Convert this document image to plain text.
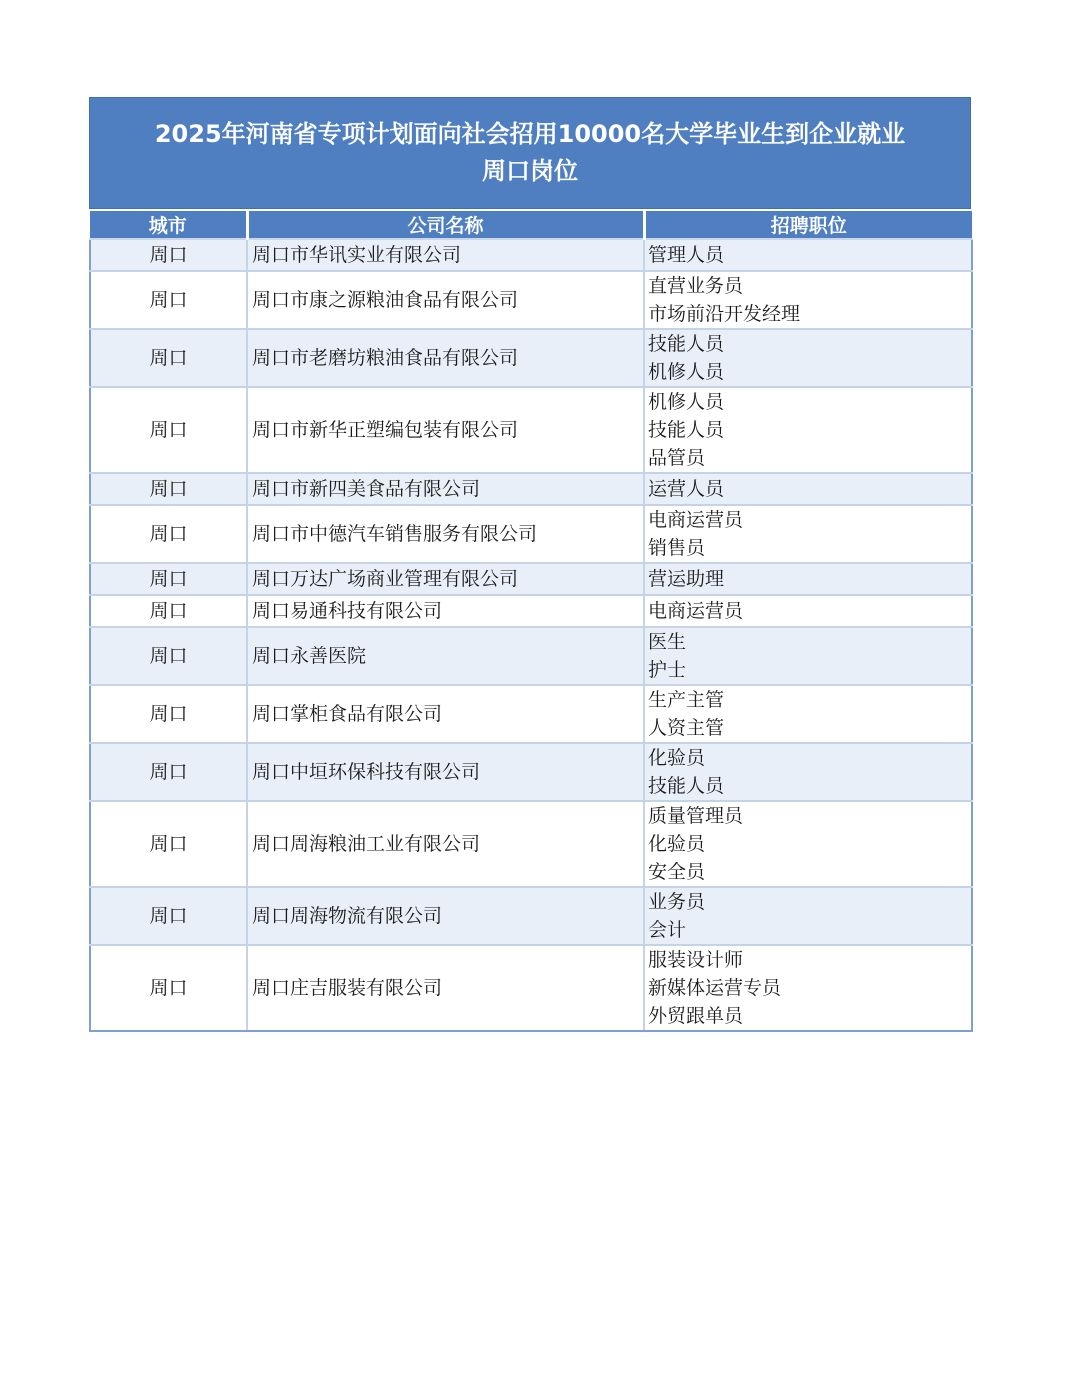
2025年河南省专项计划面向社会招用10000名大学毕业生到企业就业
周口岗位
城市	公司名称	招聘职位
周口	周口市华讯实业有限公司	管理人员

周口	周口市康之源粮油食品有限公司	直营业务员
市场前沿开发经理

周口	周口市老磨坊粮油食品有限公司	技能人员
机修人员

周口	周口市新华正塑编包装有限公司	机修人员
技能人员
品管员

周口	周口市新四美食品有限公司	运营人员

周口	周口市中德汽车销售服务有限公司	电商运营员
销售员

周口	周口万达广场商业管理有限公司	营运助理

周口	周口易通科技有限公司	电商运营员

周口	周口永善医院	医生
护士

周口	周口掌柜食品有限公司	生产主管
人资主管

周口	周口中垣环保科技有限公司	化验员
技能人员

周口	周口周海粮油工业有限公司	质量管理员
化验员
安全员

周口	周口周海物流有限公司	业务员
会计

周口	周口庄吉服装有限公司	服装设计师
新媒体运营专员
外贸跟单员
